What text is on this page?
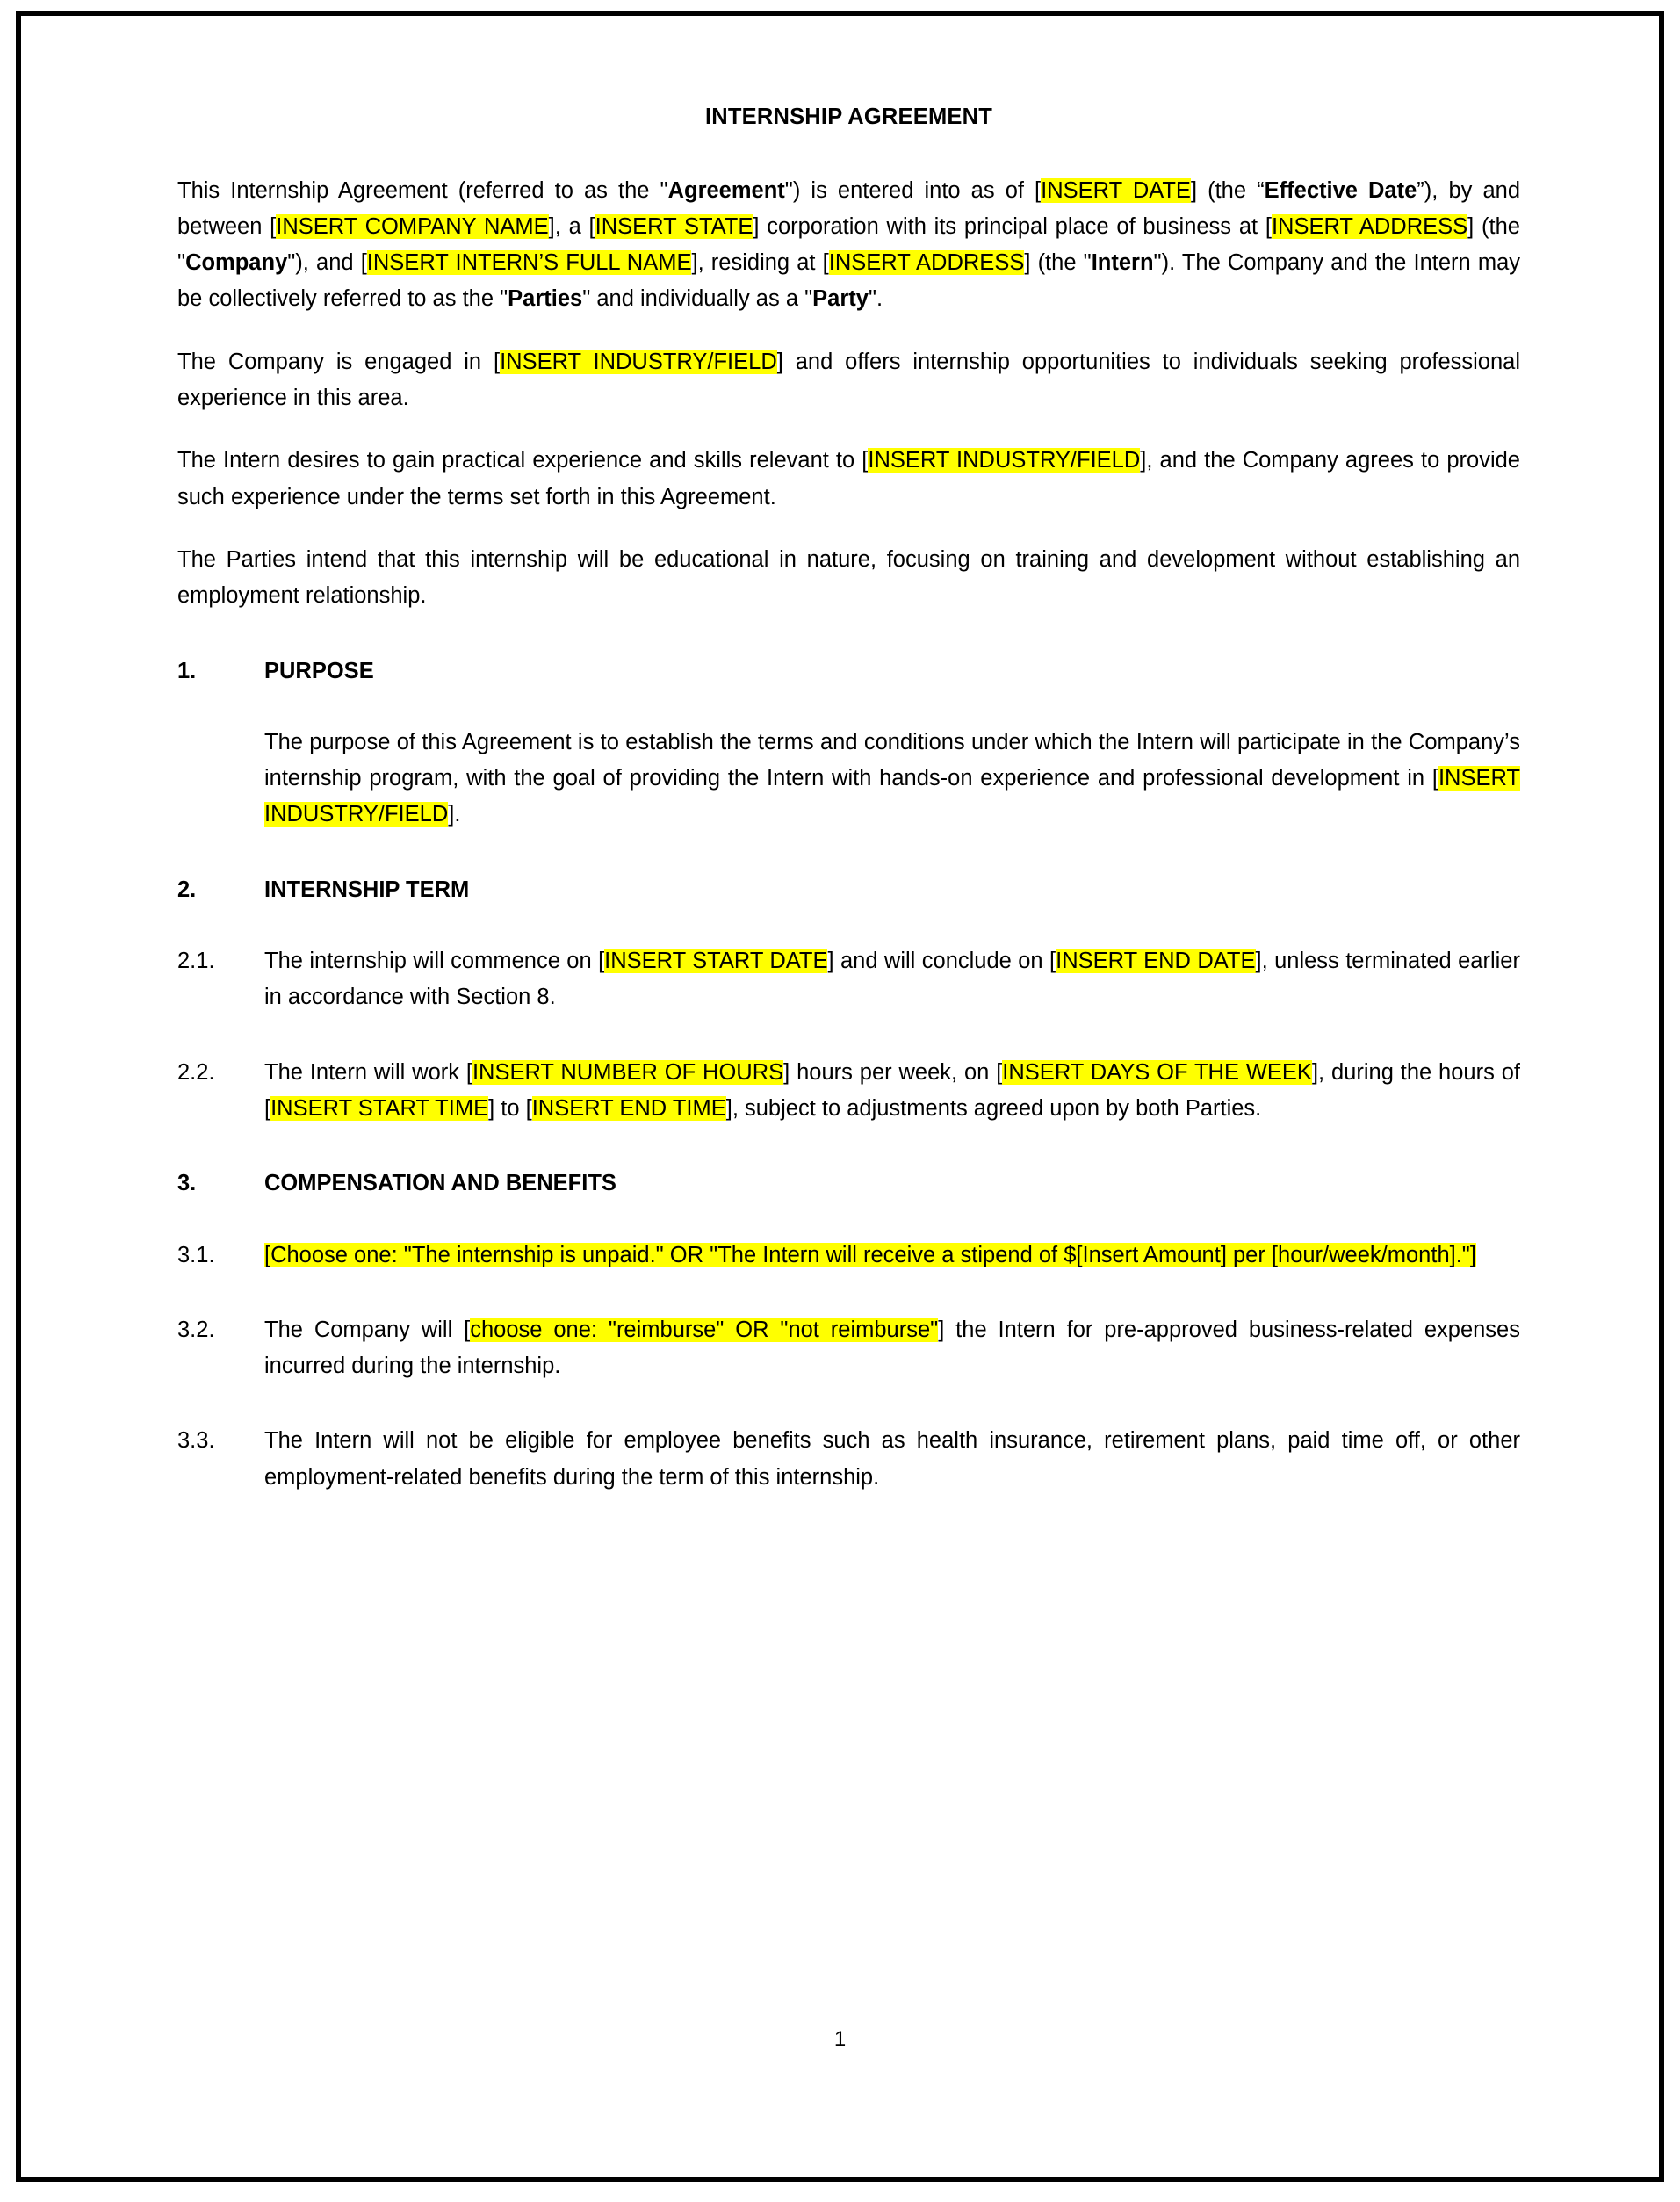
INTERNSHIP AGREEMENT

This Internship Agreement (referred to as the "Agreement") is entered into as of [INSERT DATE] (the “Effective Date”), by and between [INSERT COMPANY NAME], a [INSERT STATE] corporation with its principal place of business at [INSERT ADDRESS] (the "Company"), and [INSERT INTERN’S FULL NAME], residing at [INSERT ADDRESS] (the "Intern"). The Company and the Intern may be collectively referred to as the "Parties" and individually as a "Party".

The Company is engaged in [INSERT INDUSTRY/FIELD] and offers internship opportunities to individuals seeking professional experience in this area.

The Intern desires to gain practical experience and skills relevant to [INSERT INDUSTRY/FIELD], and the Company agrees to provide such experience under the terms set forth in this Agreement.

The Parties intend that this internship will be educational in nature, focusing on training and development without establishing an employment relationship.

1.	PURPOSE
The purpose of this Agreement is to establish the terms and conditions under which the Intern will participate in the Company’s internship program, with the goal of providing the Intern with hands-on experience and professional development in [INSERT INDUSTRY/FIELD].
2.	INTERNSHIP TERM
2.1.	The internship will commence on [INSERT START DATE] and will conclude on [INSERT END DATE], unless terminated earlier in accordance with Section 8.
2.2.	The Intern will work [INSERT NUMBER OF HOURS] hours per week, on [INSERT DAYS OF THE WEEK], during the hours of [INSERT START TIME] to [INSERT END TIME], subject to adjustments agreed upon by both Parties.
3.	COMPENSATION AND BENEFITS
3.1.	[Choose one: "The internship is unpaid." OR "The Intern will receive a stipend of $[Insert Amount] per [hour/week/month]."]
3.2.	The Company will [choose one: "reimburse" OR "not reimburse"] the Intern for pre-approved business-related expenses incurred during the internship.
3.3.	The Intern will not be eligible for employee benefits such as health insurance, retirement plans, paid time off, or other employment-related benefits during the term of this internship.
1
